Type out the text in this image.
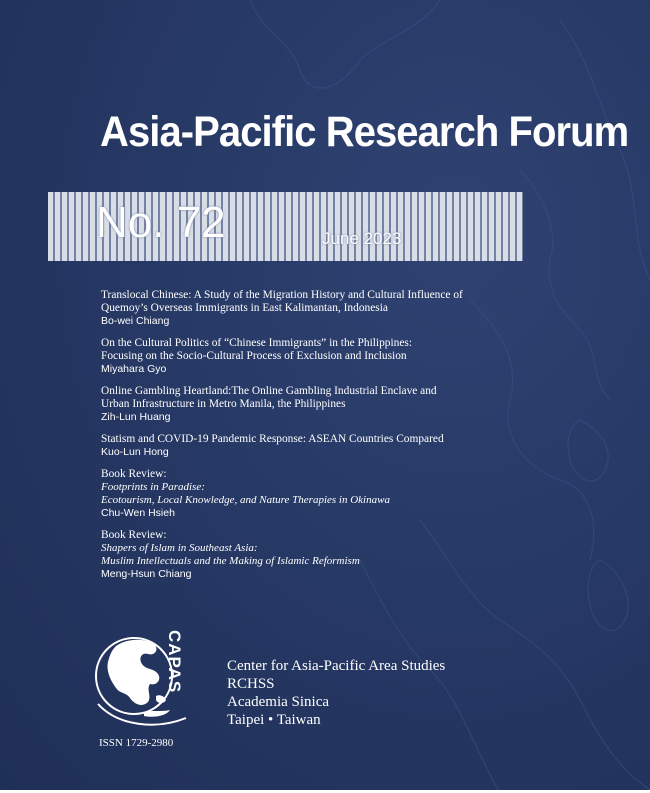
Asia-Pacific Research Forum
No. 72	June 2023
Translocal Chinese: A Study of the Migration History and Cultural Influence of
Quemoy’s Overseas Immigrants in East Kalimantan, Indonesia
Bo-wei Chiang
On the Cultural Politics of “Chinese Immigrants” in the Philippines:
Focusing on the Socio-Cultural Process of Exclusion and Inclusion
Miyahara Gyo
Online Gambling Heartland:The Online Gambling Industrial Enclave and
Urban Infrastructure in Metro Manila, the Philippines
Zih-Lun Huang
Statism and COVID-19 Pandemic Response: ASEAN Countries Compared
Kuo-Lun Hong
Book Review:
Footprints in Paradise:
Ecotourism, Local Knowledge, and Nature Therapies in Okinawa
Chu-Wen Hsieh
Book Review:
Shapers of Islam in Southeast Asia:
Muslim Intellectuals and the Making of Islamic Reformism
Meng-Hsun Chiang
CAPAS
ISSN 1729-2980
Center for Asia-Pacific Area Studies
RCHSS
Academia Sinica
Taipei • Taiwan
